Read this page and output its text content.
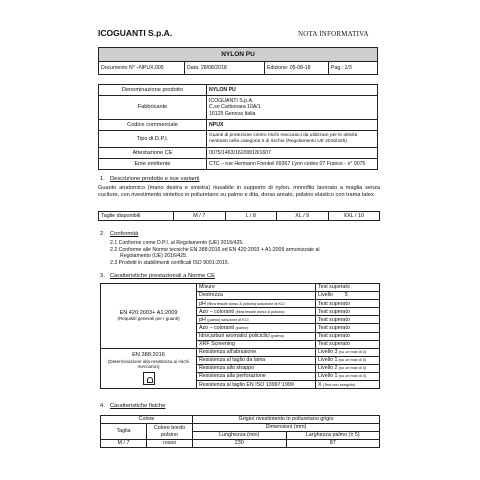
ICOGUANTI S.p.A.	NOTA INFORMATIVA
NYLON PU
Documento N° –NPUX.005	Data: 28/08/2018	Edizione: 05-08-18	Pag.: 1/3
Denominazione prodotto	NYLON PU
Fabbricante	ICOGUANTI S.p.A.
C.so Carbonara 10A/1
16125 Genova Italia

Codice commerciale	NPUX
Tipo di D.P.I.	Guanti di protezione contro rischi meccanici da utilizzare per le attività
rientranti nella categoria II di rischio (Regolamento UE 2016/425).

Attestazione CE	0075/1463/162/08/18/1607
Ente emittente	CTC – rue Hermann Frenkel 69367 Lyon cedex 07 France - n° 0075
1. Descrizione prodotto e sue varianti
Guanto anatomico (mano destra e sinistra) riusabile in supporto di nylon, monofilo lavorato a maglia senza cuciture, con rivestimento sintetico in poliuretano su palmo e dita, dorso areato, polsino elastico con trama latex.
Taglie disponibili	M / 7	L / 8	XL / 9	XXL / 10
2. Conformità
2.1 Conforme come D.P.I. al Regolamento (UE) 2016/425.
2.2 Conforme alle Norme tecniche EN 388:2016 ed EN 420:2003 + A1:2009 armonizzate al
Regolamento (UE) 2016/425.
2.3 Prodotti in stabilimenti certificati ISO 9001:2015.
3. Caratteristiche prestazionali a Norme CE
EN 420:2003+ A1:2009
(Requisiti generali per i guanti)	Misure	Test superato
	Destrezza	Livello        5
	pH (fibra tessile dorso & polsino) soluzione di KCl	Test superato
	Azo – coloranti (fibra tessile dorso & polsino)	Test superato
	pH (palmo) soluzione di KCl	Test superato
	Azo – coloranti (palmo)	Test superato
	Idrocarburi aromatici policiclici (palmo)	Test superato
	XRF Screening	Test superato

EN 388:2016
(Determinazione alla resistenza ai rischi meccanici)	Resistenza all'abrasione	Livello 3 (su un max di 4)
	Resistenza al taglio da lama	Livello 1 (su un max di 5)
	Resistenza allo strappo	Livello 2 (su un max di 4)
	Resistenza alla perforazione	Livello 1 (su un max di 4)
	Resistenza al taglio EN ISO 13997:1999	X (Test non eseguito)
4. Caratteristiche fisiche
Colore		Grigio/ rivestimento in poliuretano grigio	
Taglia	Colore bordo polsino	Dimensioni (mm)	
		Lunghezza (min)	Larghezza palmo (± 5)
M / 7	rosso	230	87
